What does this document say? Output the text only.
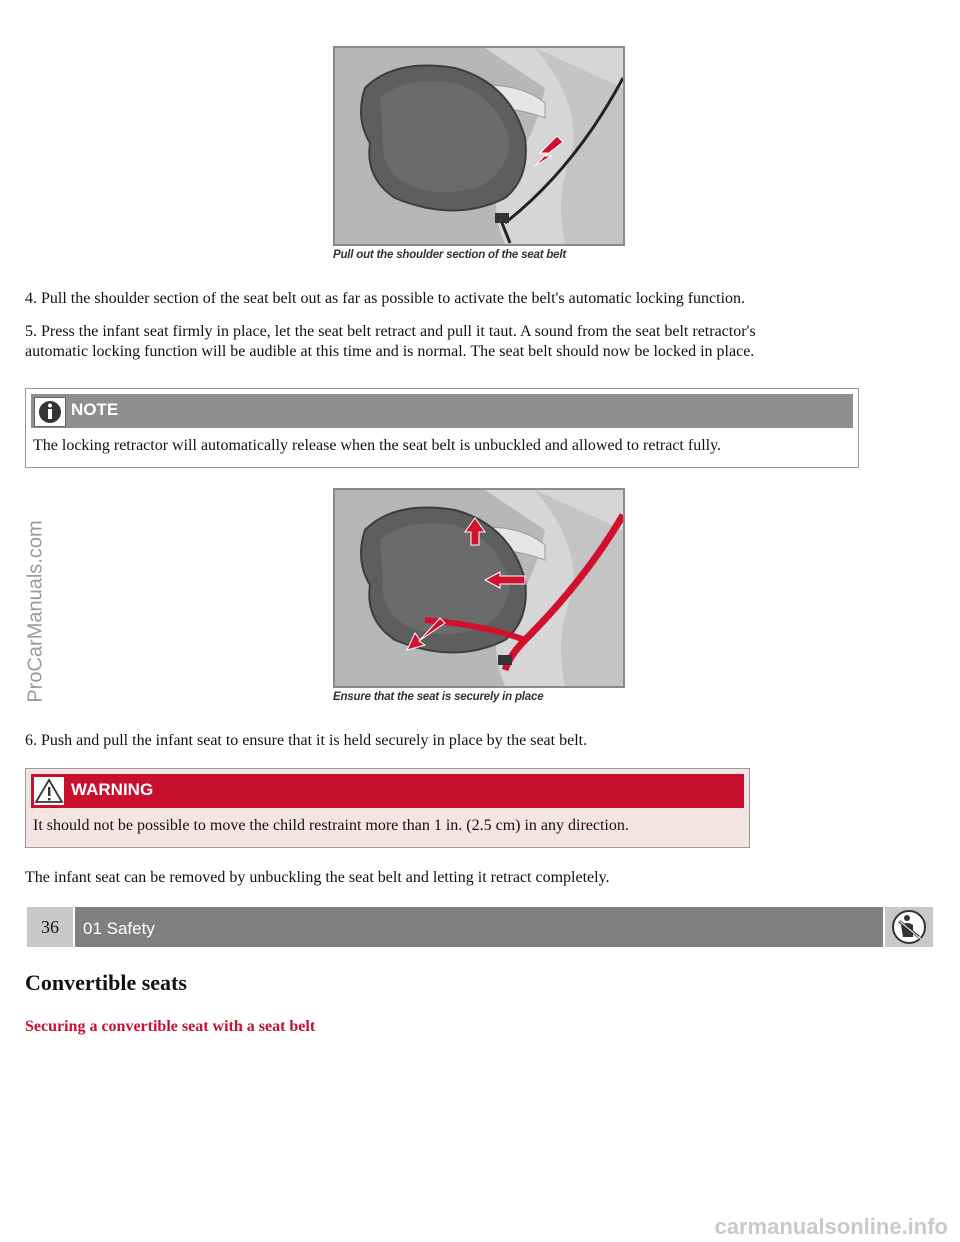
Pull out the shoulder section of the seat belt
4. Pull the shoulder section of the seat belt out as far as possible to activate the belt's automatic locking function.
5. Press the infant seat firmly in place, let the seat belt retract and pull it taut. A sound from the seat belt retractor's
automatic locking function will be audible at this time and is normal. The seat belt should now be locked in place.
NOTE
The locking retractor will automatically release when the seat belt is unbuckled and allowed to retract fully.
Ensure that the seat is securely in place
6. Push and pull the infant seat to ensure that it is held securely in place by the seat belt.
WARNING
It should not be possible to move the child restraint more than 1 in. (2.5 cm) in any direction.
The infant seat can be removed by unbuckling the seat belt and letting it retract completely.
36	01 Safety
Convertible seats
Securing a convertible seat with a seat belt
ProCarManuals.com
carmanualsonline.info
